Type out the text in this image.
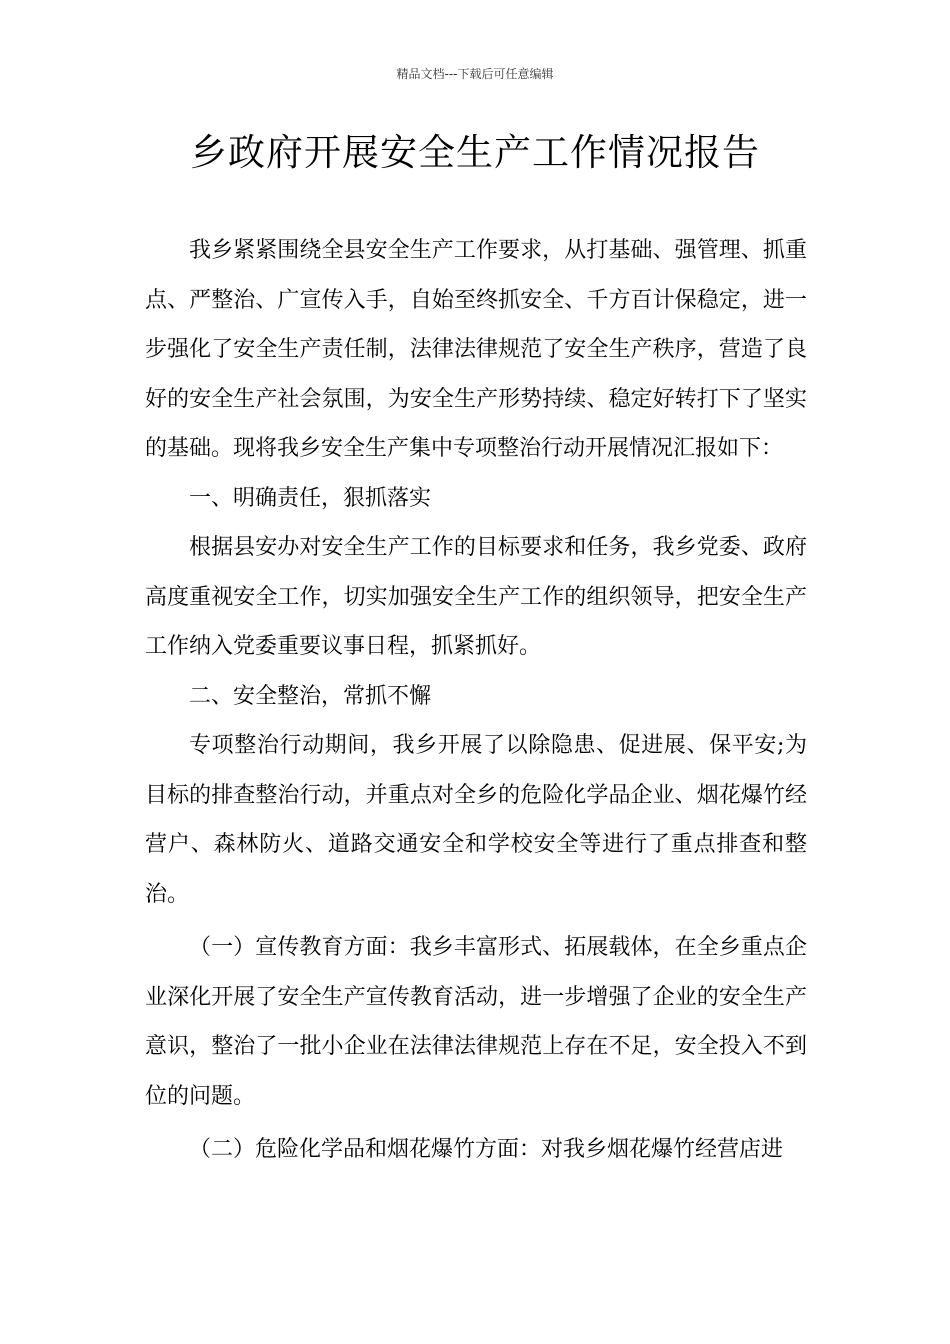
精品文档---下载后可任意编辑
乡政府开展安全生产工作情况报告

我乡紧紧围绕全县安全生产工作要求，从打基础、强管理、抓重点、严整治、广宣传入手，自始至终抓安全、千方百计保稳定，进一步强化了安全生产责任制，法律法律规范了安全生产秩序，营造了良好的安全生产社会氛围，为安全生产形势持续、稳定好转打下了坚实的基础。现将我乡安全生产集中专项整治行动开展情况汇报如下：

一、明确责任，狠抓落实

根据县安办对安全生产工作的目标要求和任务，我乡党委、政府高度重视安全工作，切实加强安全生产工作的组织领导，把安全生产工作纳入党委重要议事日程，抓紧抓好。

二、安全整治，常抓不懈

专项整治行动期间，我乡开展了以除隐患、促进展、保平安;为目标的排查整治行动，并重点对全乡的危险化学品企业、烟花爆竹经营户、森林防火、道路交通安全和学校安全等进行了重点排查和整治。

（一）宣传教育方面：我乡丰富形式、拓展载体，在全乡重点企业深化开展了安全生产宣传教育活动，进一步增强了企业的安全生产意识，整治了一批小企业在法律法律规范上存在不足，安全投入不到位的问题。

（二）危险化学品和烟花爆竹方面：对我乡烟花爆竹经营店进
